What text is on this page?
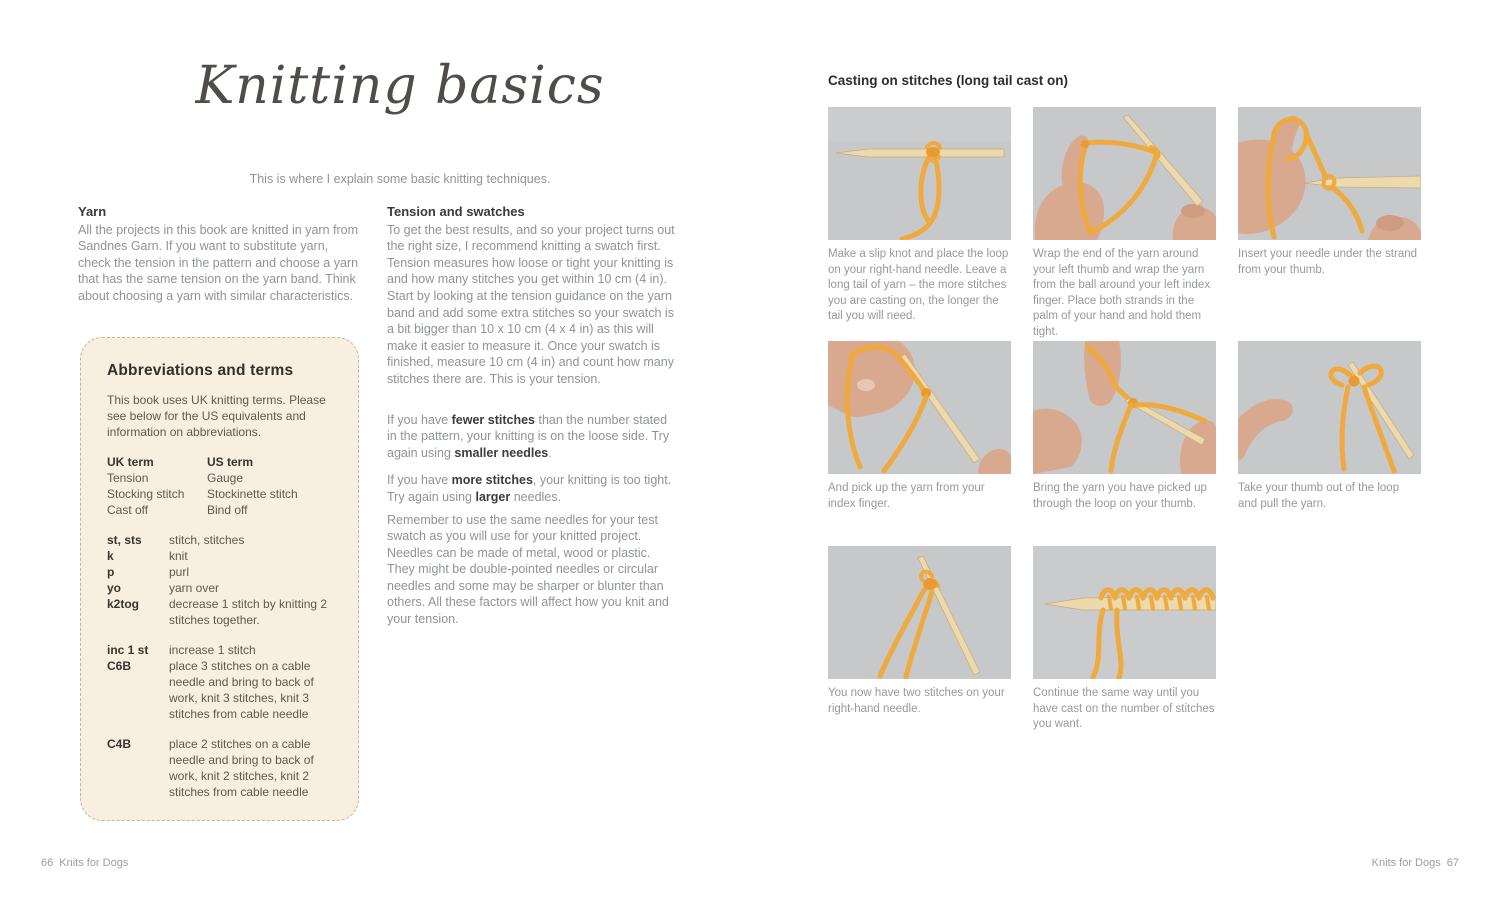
Knitting basics
This is where I explain some basic knitting techniques.
Yarn

All the projects in this book are knitted in yarn from Sandnes Garn. If you want to substitute yarn, check the tension in the pattern and choose a yarn that has the same tension on the yarn band. Think about choosing a yarn with similar characteristics.

Tension and swatches

To get the best results, and so your project turns out the right size, I recommend knitting a swatch first. Tension measures how loose or tight your knitting is and how many stitches you get within 10 cm (4 in). Start by looking at the tension guidance on the yarn band and add some extra stitches so your swatch is a bit bigger than 10 x 10 cm (4 x 4 in) as this will make it easier to measure it. Once your swatch is finished, measure 10 cm (4 in) and count how many stitches there are. This is your tension.

If you have fewer stitches than the number stated in the pattern, your knitting is on the loose side. Try again using smaller needles.

If you have more stitches, your knitting is too tight. Try again using larger needles.

Remember to use the same needles for your test swatch as you will use for your knitted project. Needles can be made of metal, wood or plastic. They might be double-pointed needles or circular needles and some may be sharper or blunter than others. All these factors will affect how you knit and your tension.

Abbreviations and terms

This book uses UK knitting terms. Please see below for the US equivalents and information on abbreviations.

UK term	US term
Tension	Gauge
Stocking stitch	Stockinette stitch
Cast off	Bind off
st, sts	stitch, stitches
k	knit
p	purl
yo	yarn over
k2tog	decrease 1 stitch by knitting 2 stitches together.
inc 1 st	increase 1 stitch
C6B	place 3 stitches on a cable needle and bring to back of work, knit 3 stitches, knit 3 stitches from cable needle
C4B	place 2 stitches on a cable needle and bring to back of work, knit 2 stitches, knit 2 stitches from cable needle
66 Knits for Dogs
Casting on stitches (long tail cast on)

Make a slip knot and place the loop on your right-hand needle. Leave a long tail of yarn – the more stitches you are casting on, the longer the tail you will need.

Wrap the end of the yarn around your left thumb and wrap the yarn from the ball around your left index finger. Place both strands in the palm of your hand and hold them tight.

Insert your needle under the strand from your thumb.

And pick up the yarn from your index finger.

Bring the yarn you have picked up through the loop on your thumb.

Take your thumb out of the loop and pull the yarn.

You now have two stitches on your right-hand needle.

Continue the same way until you have cast on the number of stitches you want.

Knits for Dogs 67
